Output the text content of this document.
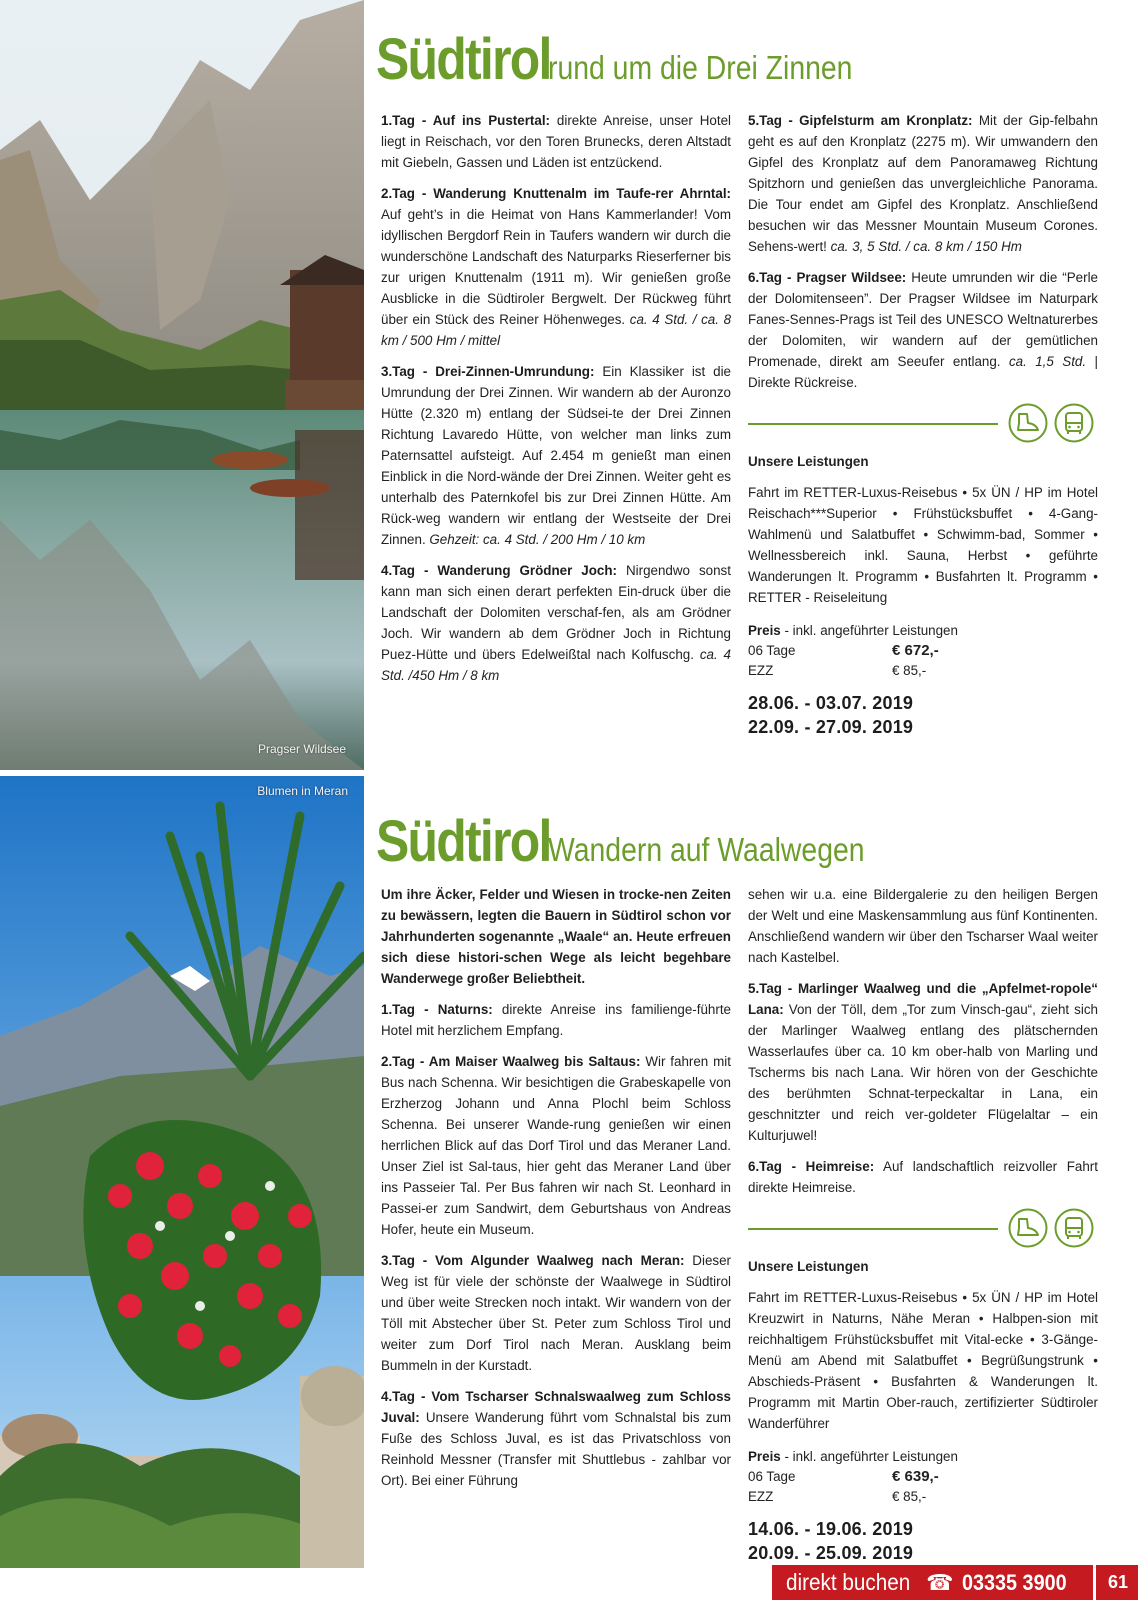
Pragser Wildsee
Blumen in Meran
Südtirol rund um die Drei Zinnen

1.Tag - Auf ins Pustertal: direkte Anreise, unser Hotel liegt in Reischach, vor den Toren Brunecks, deren Altstadt mit Giebeln, Gassen und Läden ist entzückend.

2.Tag - Wanderung Knuttenalm im Taufe-rer Ahrntal: Auf geht’s in die Heimat von Hans Kammerlander! Vom idyllischen Bergdorf Rein in Taufers wandern wir durch die wunderschöne Landschaft des Naturparks Rieserferner bis zur urigen Knuttenalm (1911 m). Wir genießen große Ausblicke in die Südtiroler Bergwelt. Der Rückweg führt über ein Stück des Reiner Höhenweges. ca. 4 Std. / ca. 8 km / 500 Hm / mittel

3.Tag - Drei-Zinnen-Umrundung: Ein Klassiker ist die Umrundung der Drei Zinnen. Wir wandern ab der Auronzo Hütte (2.320 m) entlang der Südsei-te der Drei Zinnen Richtung Lavaredo Hütte, von welcher man links zum Paternsattel aufsteigt. Auf 2.454 m genießt man einen Einblick in die Nord-wände der Drei Zinnen. Weiter geht es unterhalb des Paternkofel bis zur Drei Zinnen Hütte. Am Rück-weg wandern wir entlang der Westseite der Drei Zinnen. Gehzeit: ca. 4 Std. / 200 Hm / 10 km

4.Tag - Wanderung Grödner Joch: Nirgendwo sonst kann man sich einen derart perfekten Ein-druck über die Landschaft der Dolomiten verschaf-fen, als am Grödner Joch. Wir wandern ab dem Grödner Joch in Richtung Puez-Hütte und übers Edelweißtal nach Kolfuschg. ca. 4 Std. /450 Hm / 8 km

5.Tag - Gipfelsturm am Kronplatz: Mit der Gip-felbahn geht es auf den Kronplatz (2275 m). Wir umwandern den Gipfel des Kronplatz auf dem Panoramaweg Richtung Spitzhorn und genießen das unvergleichliche Panorama. Die Tour endet am Gipfel des Kronplatz. Anschließend besuchen wir das Messner Mountain Museum Corones. Sehens-wert! ca. 3, 5 Std. / ca. 8 km / 150 Hm

6.Tag - Pragser Wildsee: Heute umrunden wir die “Perle der Dolomitenseen”. Der Pragser Wildsee im Naturpark Fanes-Sennes-Prags ist Teil des UNESCO Weltnaturerbes der Dolomiten, wir wandern auf der gemütlichen Promenade, direkt am Seeufer entlang. ca. 1,5 Std. | Direkte Rückreise.

Unsere Leistungen

Fahrt im RETTER-Luxus-Reisebus • 5x ÜN / HP im Hotel Reischach***Superior • Frühstücksbuffet • 4-Gang-Wahlmenü und Salatbuffet • Schwimm-bad, Sommer • Wellnessbereich inkl. Sauna, Herbst • geführte Wanderungen lt. Programm • Busfahrten lt. Programm • RETTER - Reiseleitung

Preis - inkl. angeführter Leistungen
06 Tage	€ 672,-
EZZ	€ 85,-
28.06. - 03.07. 2019
22.09. - 27.09. 2019
Südtirol Wandern auf Waalwegen

Um ihre Äcker, Felder und Wiesen in trocke-nen Zeiten zu bewässern, legten die Bauern in Südtirol schon vor Jahrhunderten sogenannte „Waale“ an. Heute erfreuen sich diese histori-schen Wege als leicht begehbare Wanderwege großer Beliebtheit.

1.Tag - Naturns: direkte Anreise ins familienge-führte Hotel mit herzlichem Empfang.

2.Tag - Am Maiser Waalweg bis Saltaus: Wir fahren mit Bus nach Schenna. Wir besichtigen die Grabeskapelle von Erzherzog Johann und Anna Plochl beim Schloss Schenna. Bei unserer Wande-rung genießen wir einen herrlichen Blick auf das Dorf Tirol und das Meraner Land. Unser Ziel ist Sal-taus, hier geht das Meraner Land über ins Passeier Tal. Per Bus fahren wir nach St. Leonhard in Passei-er zum Sandwirt, dem Geburtshaus von Andreas Hofer, heute ein Museum.

3.Tag - Vom Algunder Waalweg nach Meran: Dieser Weg ist für viele der schönste der Waalwege in Südtirol und über weite Strecken noch intakt. Wir wandern von der Töll mit Abstecher über St. Peter zum Schloss Tirol und weiter zum Dorf Tirol nach Meran. Ausklang beim Bummeln in der Kurstadt.

4.Tag - Vom Tscharser Schnalswaalweg zum Schloss Juval: Unsere Wanderung führt vom Schnalstal bis zum Fuße des Schloss Juval, es ist das Privatschloss von Reinhold Messner (Transfer mit Shuttlebus - zahlbar vor Ort). Bei einer Führung

sehen wir u.a. eine Bildergalerie zu den heiligen Bergen der Welt und eine Maskensammlung aus fünf Kontinenten. Anschließend wandern wir über den Tscharser Waal weiter nach Kastelbel.

5.Tag - Marlinger Waalweg und die „Apfelmet-ropole“ Lana: Von der Töll, dem „Tor zum Vinsch-gau“, zieht sich der Marlinger Waalweg entlang des plätschernden Wasserlaufes über ca. 10 km ober-halb von Marling und Tscherms bis nach Lana. Wir hören von der Geschichte des berühmten Schnat-terpeckaltar in Lana, ein geschnitzter und reich ver-goldeter Flügelaltar – ein Kulturjuwel!

6.Tag - Heimreise: Auf landschaftlich reizvoller Fahrt direkte Heimreise.

Unsere Leistungen

Fahrt im RETTER-Luxus-Reisebus • 5x ÜN / HP im Hotel Kreuzwirt in Naturns, Nähe Meran • Halbpen-sion mit reichhaltigem Frühstücksbuffet mit Vital-ecke • 3-Gänge-Menü am Abend mit Salatbuffet • Begrüßungstrunk • Abschieds-Präsent • Busfahrten & Wanderungen lt. Programm mit Martin Ober-rauch, zertifizierter Südtiroler Wanderführer

Preis - inkl. angeführter Leistungen
06 Tage	€ 639,-
EZZ	€ 85,-
14.06. - 19.06. 2019
20.09. - 25.09. 2019
direkt buchen ☎ 03335 3900 61
